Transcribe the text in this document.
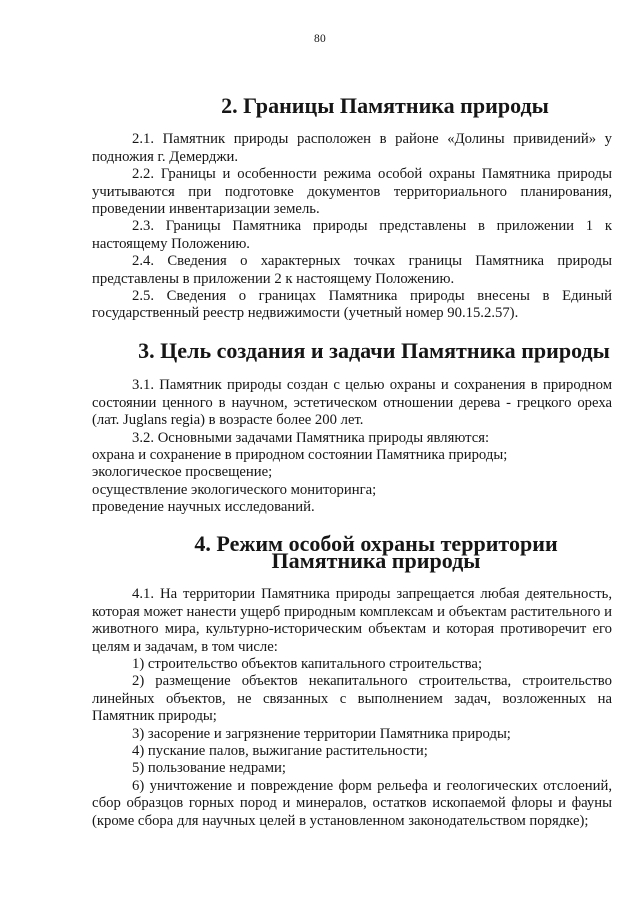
80
2. Границы Памятника природы

2.1. Памятник природы расположен в районе «Долины привидений» у подножия г. Демерджи.

2.2. Границы и особенности режима особой охраны Памятника природы учитываются при подготовке документов территориального планирования, проведении инвентаризации земель.

2.3. Границы Памятника природы представлены в приложении 1 к настоящему Положению.

2.4. Сведения о характерных точках границы Памятника природы представлены в приложении 2 к настоящему Положению.

2.5. Сведения о границах Памятника природы внесены в Единый государственный реестр недвижимости (учетный номер 90.15.2.57).

3. Цель создания и задачи Памятника природы

3.1. Памятник природы создан с целью охраны и сохранения в природном состоянии ценного в научном, эстетическом отношении дерева - грецкого ореха (лат. Juglans regia) в возрасте более 200 лет.

3.2. Основными задачами Памятника природы являются:

охрана и сохранение в природном состоянии Памятника природы;

экологическое просвещение;

осуществление экологического мониторинга;

проведение научных исследований.

4. Режим особой охраны территории Памятника природы

4.1. На территории Памятника природы запрещается любая деятельность, которая может нанести ущерб природным комплексам и объектам растительного и животного мира, культурно-историческим объектам и которая противоречит его целям и задачам, в том числе:

1) строительство объектов капитального строительства;

2) размещение объектов некапитального строительства, строительство линейных объектов, не связанных с выполнением задач, возложенных на Памятник природы;

3) засорение и загрязнение территории Памятника природы;

4) пускание палов, выжигание растительности;

5) пользование недрами;

6) уничтожение и повреждение форм рельефа и геологических отслоений, сбор образцов горных пород и минералов, остатков ископаемой флоры и фауны (кроме сбора для научных целей в установленном законодательством порядке);
